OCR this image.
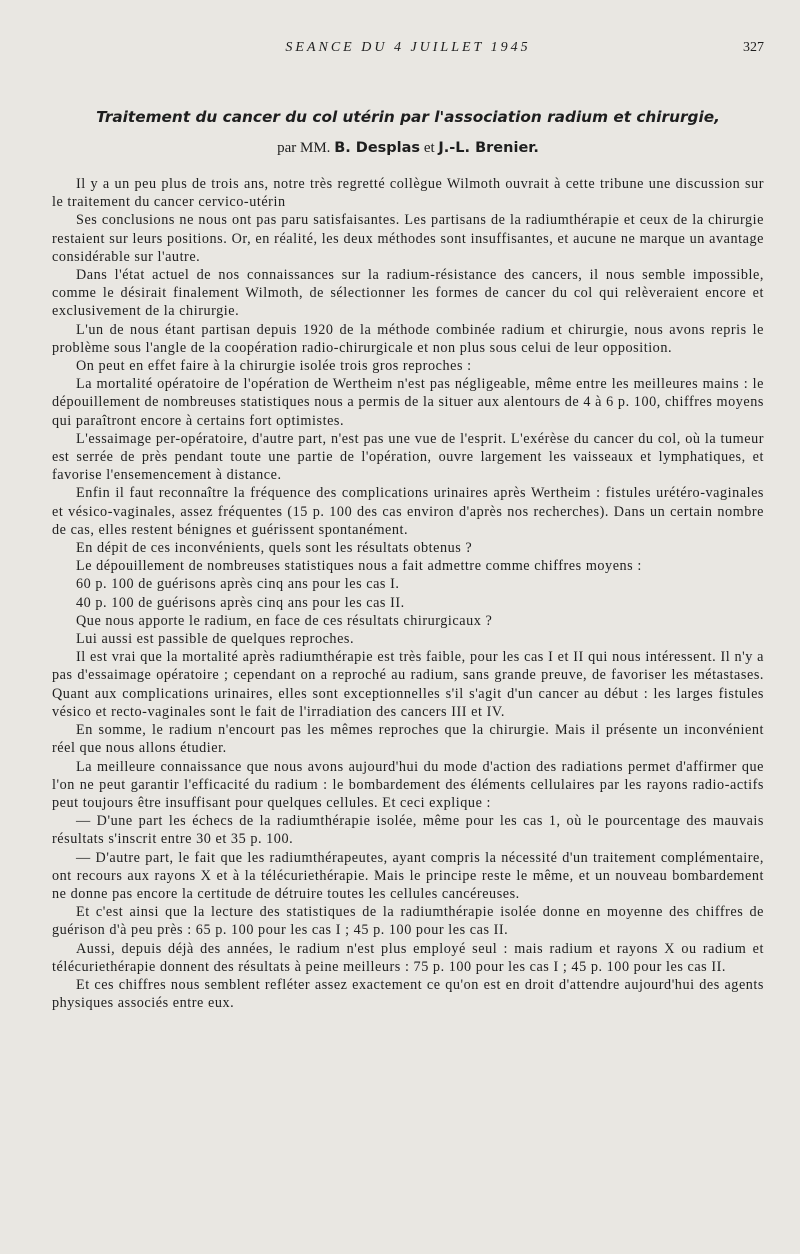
SEANCE DU 4 JUILLET 1945	327
Traitement du cancer du col utérin par l'association radium et chirurgie,
par MM. B. Desplas et J.-L. Brenier.

Il y a un peu plus de trois ans, notre très regretté collègue Wilmoth ouvrait à cette tribune une discussion sur le traitement du cancer cervico-utérin

Ses conclusions ne nous ont pas paru satisfaisantes. Les partisans de la radiumthérapie et ceux de la chirurgie restaient sur leurs positions. Or, en réalité, les deux méthodes sont insuffisantes, et aucune ne marque un avantage considérable sur l'autre.

Dans l'état actuel de nos connaissances sur la radium-résistance des cancers, il nous semble impossible, comme le désirait finalement Wilmoth, de sélectionner les formes de cancer du col qui relèveraient encore et exclusivement de la chirurgie.

L'un de nous étant partisan depuis 1920 de la méthode combinée radium et chirurgie, nous avons repris le problème sous l'angle de la coopération radio-chirurgicale et non plus sous celui de leur opposition.

On peut en effet faire à la chirurgie isolée trois gros reproches :

La mortalité opératoire de l'opération de Wertheim n'est pas négligeable, même entre les meilleures mains : le dépouillement de nombreuses statistiques nous a permis de la situer aux alentours de 4 à 6 p. 100, chiffres moyens qui paraîtront encore à certains fort optimistes.

L'essaimage per-opératoire, d'autre part, n'est pas une vue de l'esprit. L'exérèse du cancer du col, où la tumeur est serrée de près pendant toute une partie de l'opération, ouvre largement les vaisseaux et lymphatiques, et favorise l'ensemencement à distance.

Enfin il faut reconnaître la fréquence des complications urinaires après Wertheim : fistules urétéro-vaginales et vésico-vaginales, assez fréquentes (15 p. 100 des cas environ d'après nos recherches). Dans un certain nombre de cas, elles restent bénignes et guérissent spontanément.

En dépit de ces inconvénients, quels sont les résultats obtenus ?

Le dépouillement de nombreuses statistiques nous a fait admettre comme chiffres moyens :

60 p. 100 de guérisons après cinq ans pour les cas I.

40 p. 100 de guérisons après cinq ans pour les cas II.

Que nous apporte le radium, en face de ces résultats chirurgicaux ?

Lui aussi est passible de quelques reproches.

Il est vrai que la mortalité après radiumthérapie est très faible, pour les cas I et II qui nous intéressent. Il n'y a pas d'essaimage opératoire ; cependant on a reproché au radium, sans grande preuve, de favoriser les métastases. Quant aux complications urinaires, elles sont exceptionnelles s'il s'agit d'un cancer au début : les larges fistules vésico et recto-vaginales sont le fait de l'irradiation des cancers III et IV.

En somme, le radium n'encourt pas les mêmes reproches que la chirurgie. Mais il présente un inconvénient réel que nous allons étudier.

La meilleure connaissance que nous avons aujourd'hui du mode d'action des radiations permet d'affirmer que l'on ne peut garantir l'efficacité du radium : le bombardement des éléments cellulaires par les rayons radio-actifs peut toujours être insuffisant pour quelques cellules. Et ceci explique :

— D'une part les échecs de la radiumthérapie isolée, même pour les cas 1, où le pourcentage des mauvais résultats s'inscrit entre 30 et 35 p. 100.

— D'autre part, le fait que les radiumthérapeutes, ayant compris la nécessité d'un traitement complémentaire, ont recours aux rayons X et à la télécuriethérapie. Mais le principe reste le même, et un nouveau bombardement ne donne pas encore la certitude de détruire toutes les cellules cancéreuses.

Et c'est ainsi que la lecture des statistiques de la radiumthérapie isolée donne en moyenne des chiffres de guérison d'à peu près : 65 p. 100 pour les cas I ; 45 p. 100 pour les cas II.

Aussi, depuis déjà des années, le radium n'est plus employé seul : mais radium et rayons X ou radium et télécuriethérapie donnent des résultats à peine meilleurs : 75 p. 100 pour les cas I ; 45 p. 100 pour les cas II.

Et ces chiffres nous semblent refléter assez exactement ce qu'on est en droit d'attendre aujourd'hui des agents physiques associés entre eux.
